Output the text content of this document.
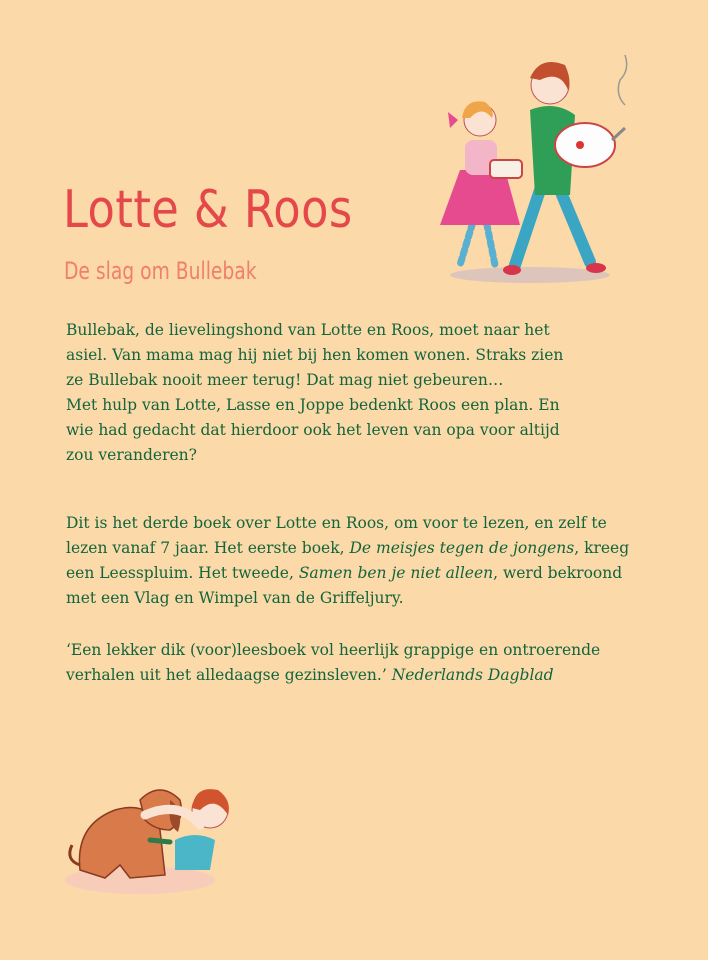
Lotte & Roos
De slag om Bullebak
Bullebak, de lievelingshond van Lotte en Roos, moet naar het
asiel. Van mama mag hij niet bij hen komen wonen. Straks zien
ze Bullebak nooit meer terug! Dat mag niet gebeuren…
Met hulp van Lotte, Lasse en Joppe bedenkt Roos een plan. En
wie had gedacht dat hierdoor ook het leven van opa voor altijd
zou veranderen?
Dit is het derde boek over Lotte en Roos, om voor te lezen, en zelf te
lezen vanaf 7 jaar. Het eerste boek, De meisjes tegen de jongens, kreeg
een Leesspluim. Het tweede, Samen ben je niet alleen, werd bekroond
met een Vlag en Wimpel van de Griffeljury.
‘Een lekker dik (voor)leesboek vol heerlijk grappige en ontroerende
verhalen uit het alledaagse gezinsleven.’ Nederlands Dagblad
